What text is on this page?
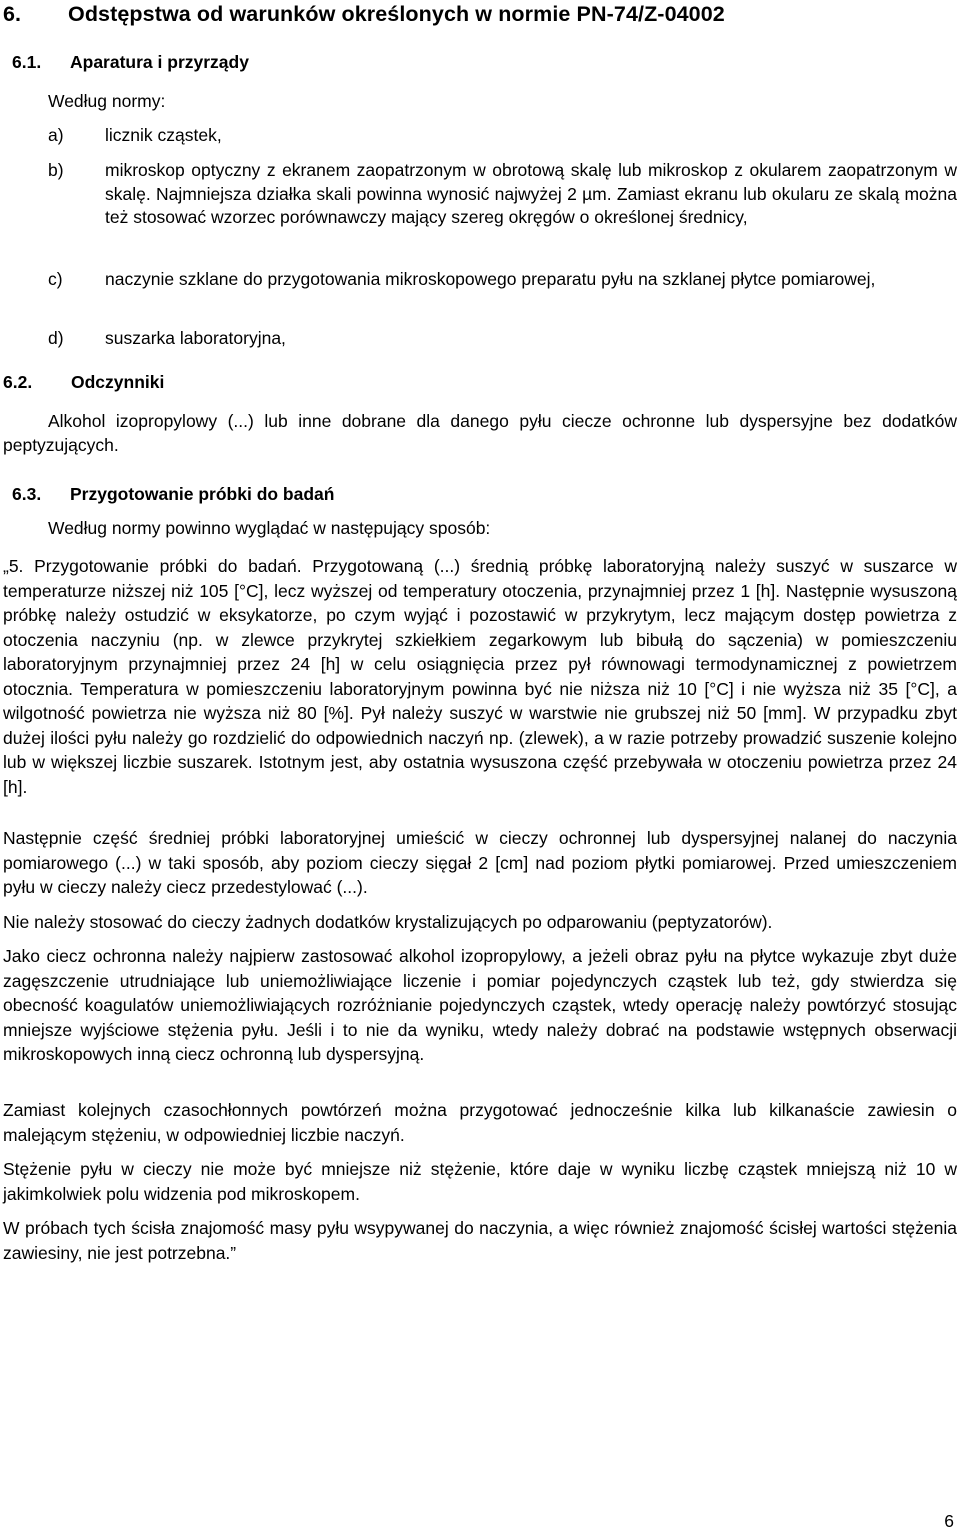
6. Odstępstwa od warunków określonych w normie PN-74/Z-04002
6.1. Aparatura i przyrządy
Według normy:
a) licznik cząstek,
b) mikroskop optyczny z ekranem zaopatrzonym w obrotową skalę lub mikroskop z okularem zaopatrzonym w skalę. Najmniejsza działka skali powinna wynosić najwyżej 2 µm. Zamiast ekranu lub okularu ze skalą można też stosować wzorzec porównawczy mający szereg okręgów o określonej średnicy,
c) naczynie szklane do przygotowania mikroskopowego preparatu pyłu na szklanej płytce pomiarowej,
d) suszarka laboratoryjna,
6.2. Odczynniki
Alkohol izopropylowy (...) lub inne dobrane dla danego pyłu ciecze ochronne lub dyspersyjne bez dodatków peptyzujących.
6.3. Przygotowanie próbki do badań
Według normy powinno wyglądać w następujący sposób:
„5. Przygotowanie próbki do badań. Przygotowaną (...) średnią próbkę laboratoryjną należy suszyć w suszarce w temperaturze niższej niż 105 [°C], lecz wyższej od temperatury otoczenia, przynajmniej przez 1 [h]. Następnie wysuszoną próbkę należy ostudzić w eksykatorze, po czym wyjąć i pozostawić w przykrytym, lecz mającym dostęp powietrza z otoczenia naczyniu (np. w zlewce przykrytej szkiełkiem zegarkowym lub bibułą do sączenia) w pomieszczeniu laboratoryjnym przynajmniej przez 24 [h] w celu osiągnięcia przez pył równowagi termodynamicznej z powietrzem otocznia. Temperatura w pomieszczeniu laboratoryjnym powinna być nie niższa niż 10 [°C] i nie wyższa niż 35 [°C], a wilgotność powietrza nie wyższa niż 80 [%]. Pył należy suszyć w warstwie nie grubszej niż 50 [mm]. W przypadku zbyt dużej ilości pyłu należy go rozdzielić do odpowiednich naczyń np. (zlewek), a w razie potrzeby prowadzić suszenie kolejno lub w większej liczbie suszarek. Istotnym jest, aby ostatnia wysuszona część przebywała w otoczeniu powietrza przez 24 [h].
Następnie część średniej próbki laboratoryjnej umieścić w cieczy ochronnej lub dyspersyjnej nalanej do naczynia pomiarowego (...) w taki sposób, aby poziom cieczy sięgał 2 [cm] nad poziom płytki pomiarowej. Przed umieszczeniem pyłu w cieczy należy ciecz przedestylować (...).
Nie należy stosować do cieczy żadnych dodatków krystalizujących po odparowaniu (peptyzatorów).
Jako ciecz ochronna należy najpierw zastosować alkohol izopropylowy, a jeżeli obraz pyłu na płytce wykazuje zbyt duże zagęszczenie utrudniające lub uniemożliwiające liczenie i pomiar pojedynczych cząstek lub też, gdy stwierdza się obecność koagulatów uniemożliwiających rozróżnianie pojedynczych cząstek, wtedy operację należy powtórzyć stosując mniejsze wyjściowe stężenia pyłu. Jeśli i to nie da wyniku, wtedy należy dobrać na podstawie wstępnych obserwacji mikroskopowych inną ciecz ochronną lub dyspersyjną.
Zamiast kolejnych czasochłonnych powtórzeń można przygotować jednocześnie kilka lub kilkanaście zawiesin o malejącym stężeniu, w odpowiedniej liczbie naczyń.
Stężenie pyłu w cieczy nie może być mniejsze niż stężenie, które daje w wyniku liczbę cząstek mniejszą niż 10 w jakimkolwiek polu widzenia pod mikroskopem.
W próbach tych ścisła znajomość masy pyłu wsypywanej do naczynia, a więc również znajomość ścisłej wartości stężenia zawiesiny, nie jest potrzebna.”
6
